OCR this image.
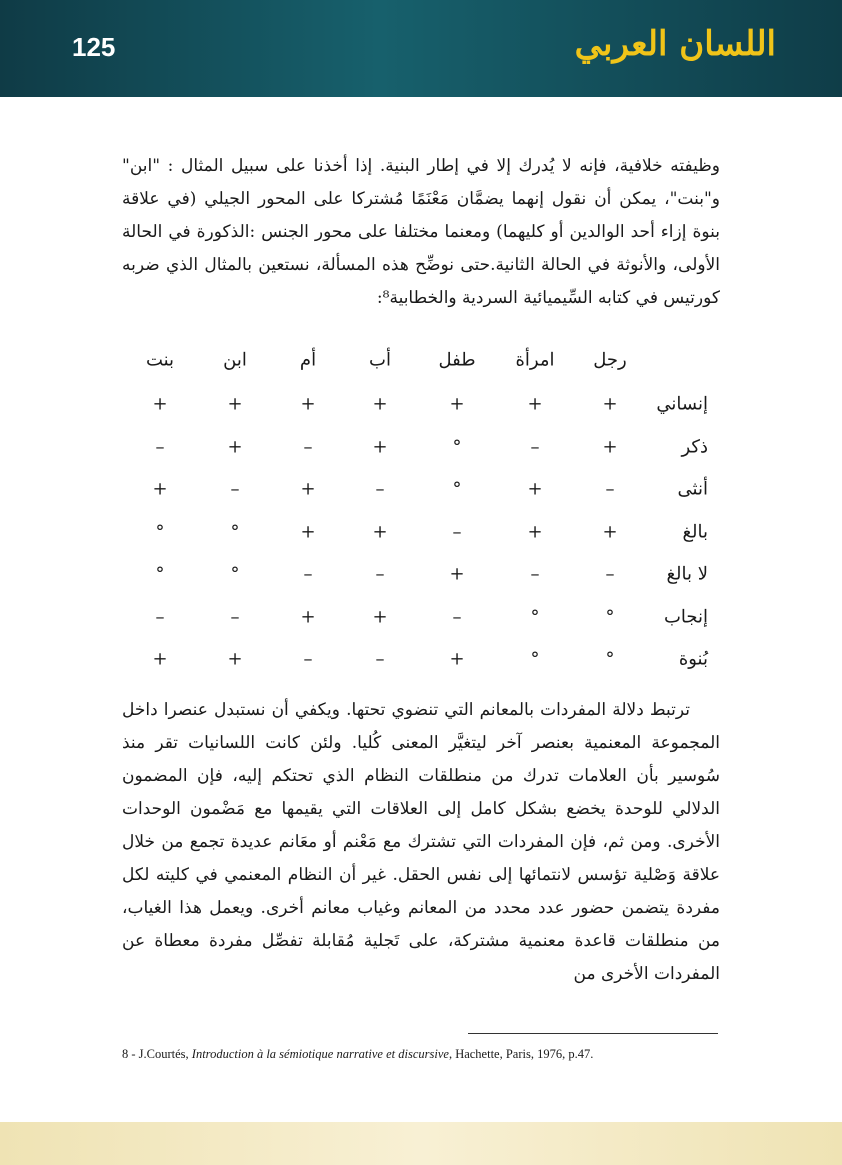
125	اللسان العربي
وظيفته خلافية، فإنه لا يُدرك إلا في إطار البنية. إذا أخذنا على سبيل المثال : "ابن" و"بنت"، يمكن أن نقول إنهما يضمَّان مَعْنَمًا مُشتركا على المحور الجيلي (في علاقة بنوة إزاء أحد الوالدين أو كليهما) ومعنما مختلفا على محور الجنس :الذكورة في الحالة الأولى، والأنوثة في الحالة الثانية.حتى نوضِّح هذه المسألة، نستعين بالمثال الذي ضربه كورتيس في كتابه السِّيميائية السردية والخطابية⁸:
رجل
امرأة
طفل
أب
أم
ابن
بنت
إنساني
+
+
+
+
+
+
+
ذكر
+
–
°
+
–
+
–
أنثى
–
+
°
–
+
–
+
بالغ
+
+
–
+
+
°
°
لا بالغ
–
–
+
–
–
°
°
إنجاب
°
°
–
+
+
–
–
بُنوة
°
°
+
–
–
+
+
ترتبط دلالة المفردات بالمعانم التي تنضوي تحتها. ويكفي أن نستبدل عنصرا داخل المجموعة المعنمية بعنصر آخر ليتغيَّر المعنى كُليا. ولئن كانت اللسانيات تقر منذ سُوسير بأن العلامات تدرك من منطلقات النظام الذي تحتكم إليه، فإن المضمون الدلالي للوحدة يخضع بشكل كامل إلى العلاقات التي يقيمها مع مَضْمون الوحدات الأخرى. ومن ثم، فإن المفردات التي تشترك مع مَعْنم أو معَانم عديدة تجمع من خلال علاقة وَصْلية تؤسس لانتمائها إلى نفس الحقل. غير أن النظام المعنمي في كليته لكل مفردة يتضمن حضور عدد محدد من المعانم وغياب معانم أخرى. ويعمل هذا الغياب، من منطلقات قاعدة معنمية مشتركة، على تَجلية مُقابلة تفصِّل مفردة معطاة عن المفردات الأخرى من
8 - J.Courtés, Introduction à la sémiotique narrative et discursive, Hachette, Paris, 1976, p.47.
